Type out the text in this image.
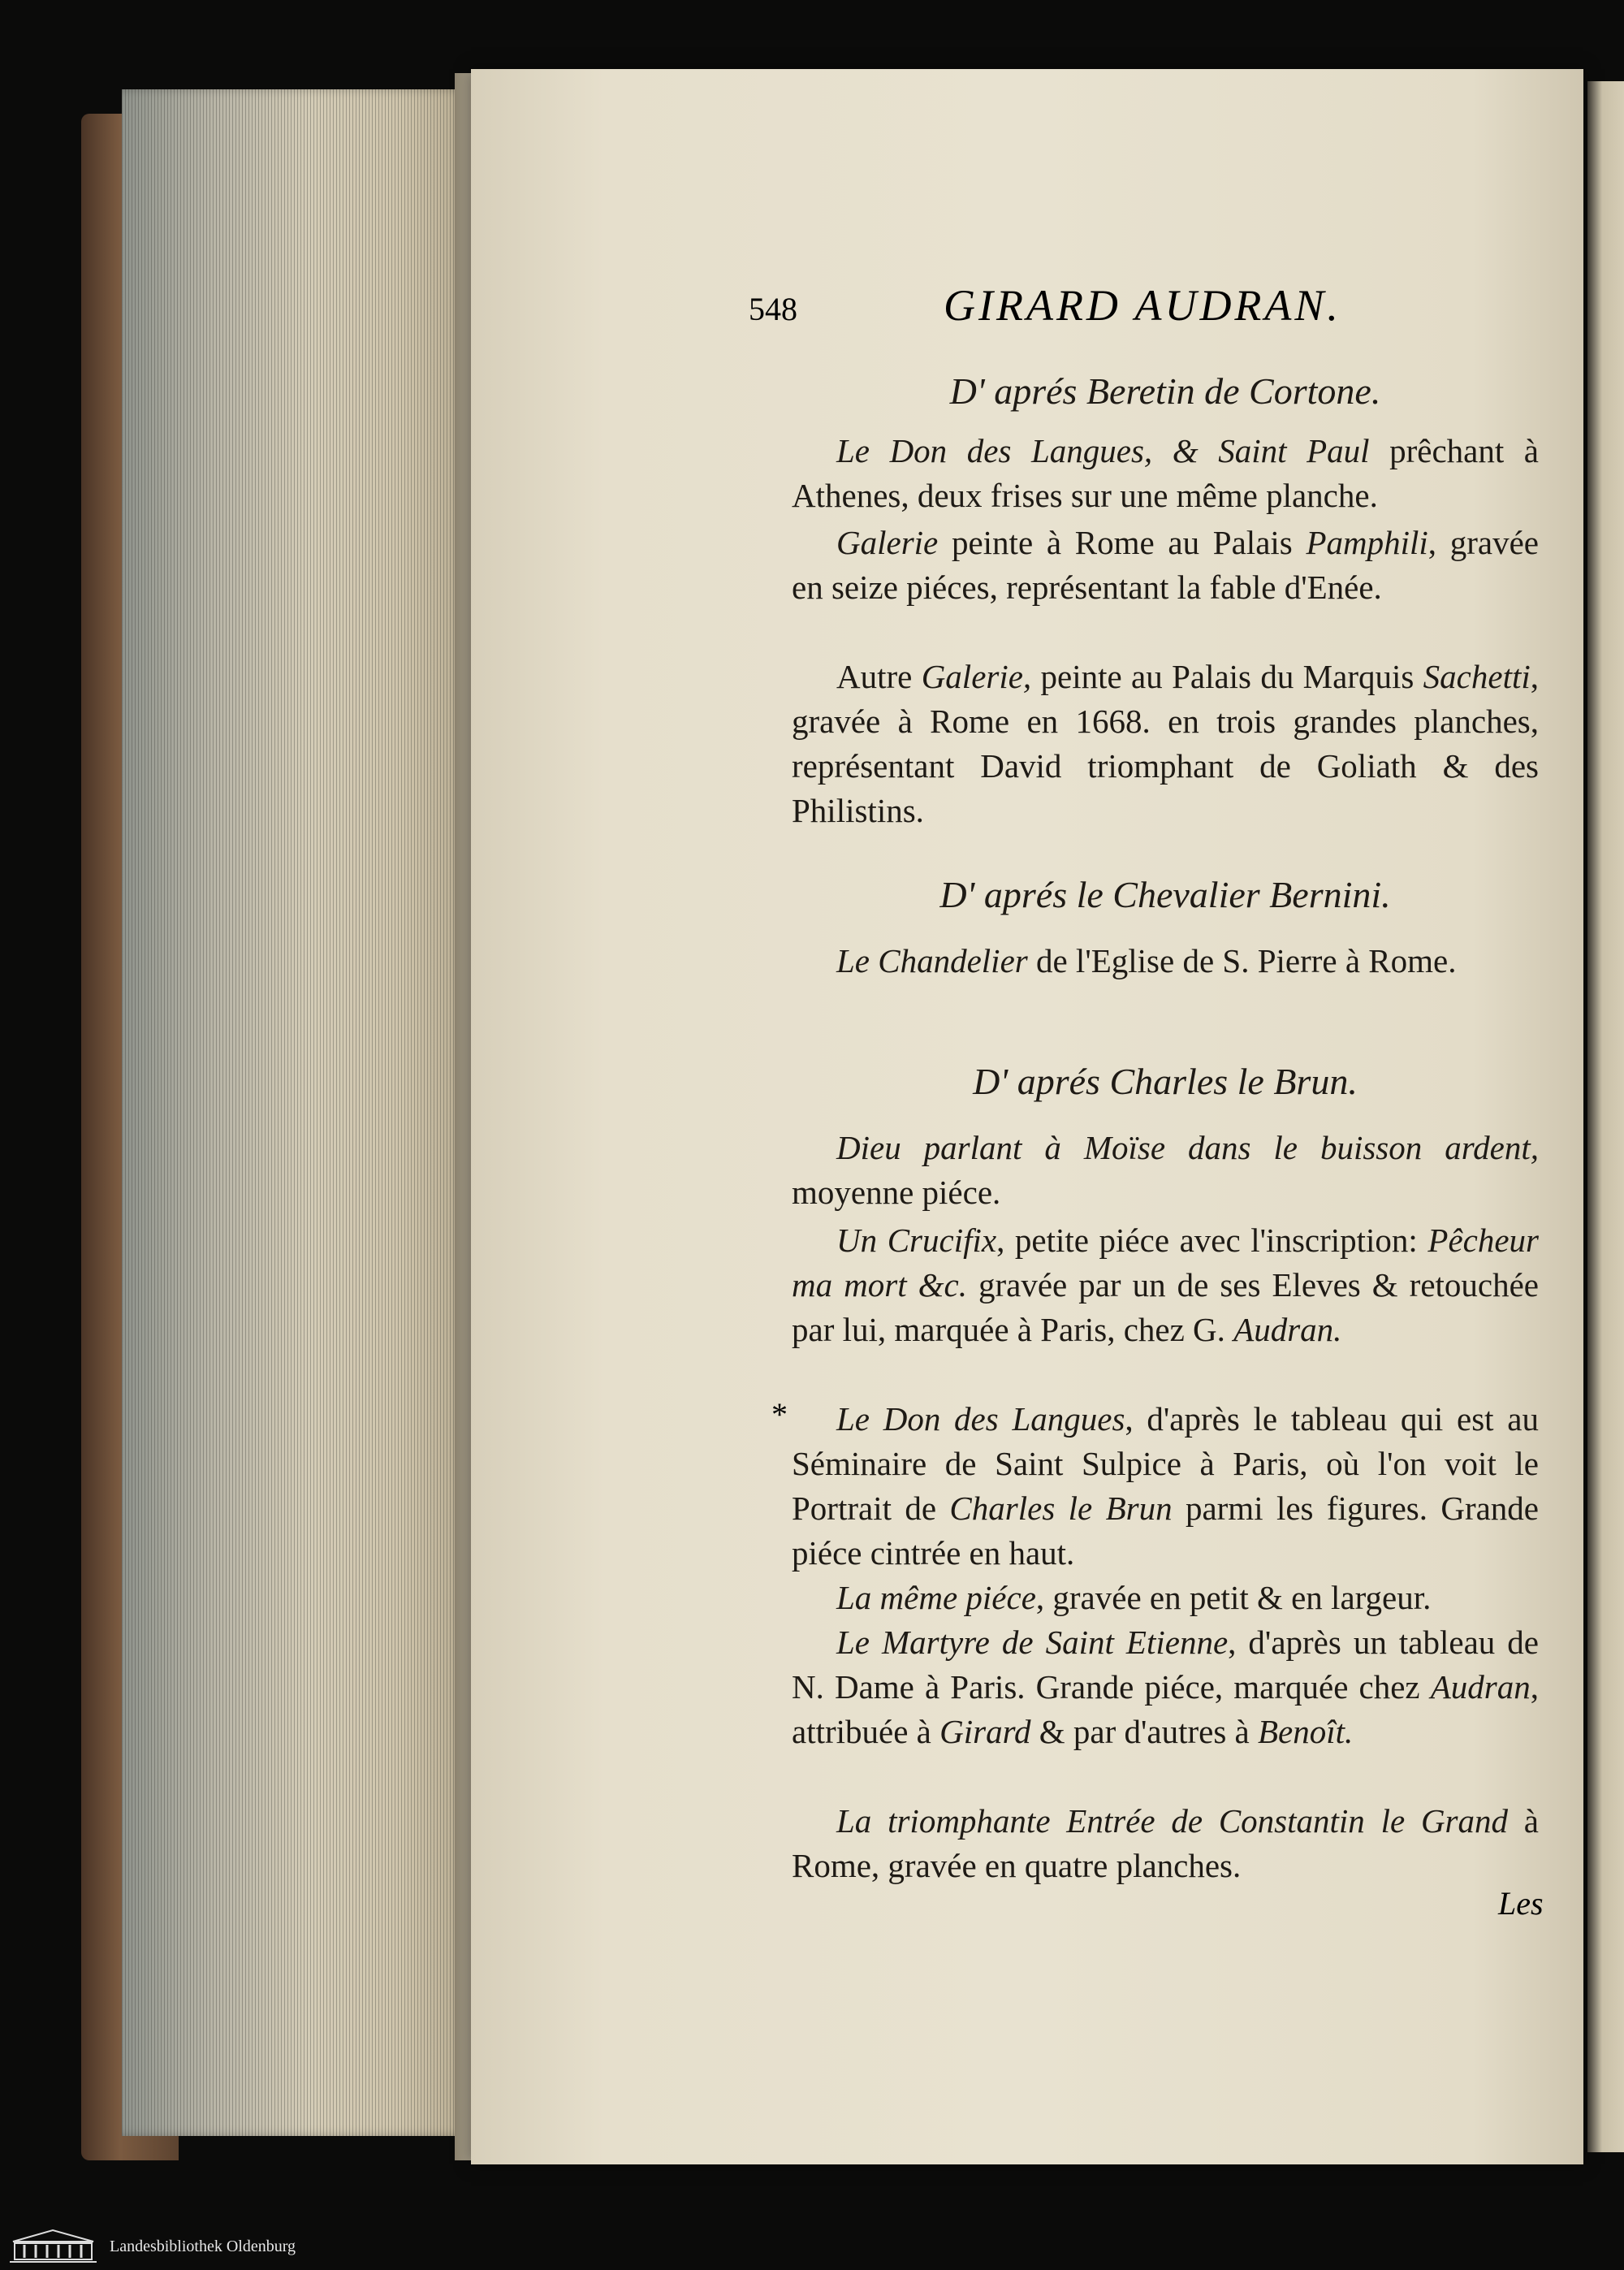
548	GIRARD AUDRAN.
D' aprés Beretin de Cortone.
Le Don des Langues, & Saint Paul prêchant à Athenes, deux frises sur une même planche.
Galerie peinte à Rome au Palais Pamphili, gravée en seize piéces, représentant la fable d'Enée.
Autre Galerie, peinte au Palais du Marquis Sachetti, gravée à Rome en 1668. en trois grandes planches, représentant David triomphant de Goliath & des Philistins.
D' aprés le Chevalier Bernini.
Le Chandelier de l'Eglise de S. Pierre à Rome.
D' aprés Charles le Brun.
Dieu parlant à Moïse dans le buisson ardent, moyenne piéce.
Un Crucifix, petite piéce avec l'inscription: Pêcheur ma mort &c. gravée par un de ses Eleves & retouchée par lui, marquée à Paris, chez G. Audran.
Le Don des Langues, d'après le tableau qui est au Séminaire de Saint Sulpice à Paris, où l'on voit le Portrait de Charles le Brun parmi les figures. Grande piéce cintrée en haut.
La même piéce, gravée en petit & en largeur.
Le Martyre de Saint Etienne, d'après un tableau de N. Dame à Paris. Grande piéce, marquée chez Audran, attribuée à Girard & par d'autres à Benoît.
La triomphante Entrée de Constantin le Grand à Rome, gravée en quatre planches.
*
Les
Landesbibliothek Oldenburg
